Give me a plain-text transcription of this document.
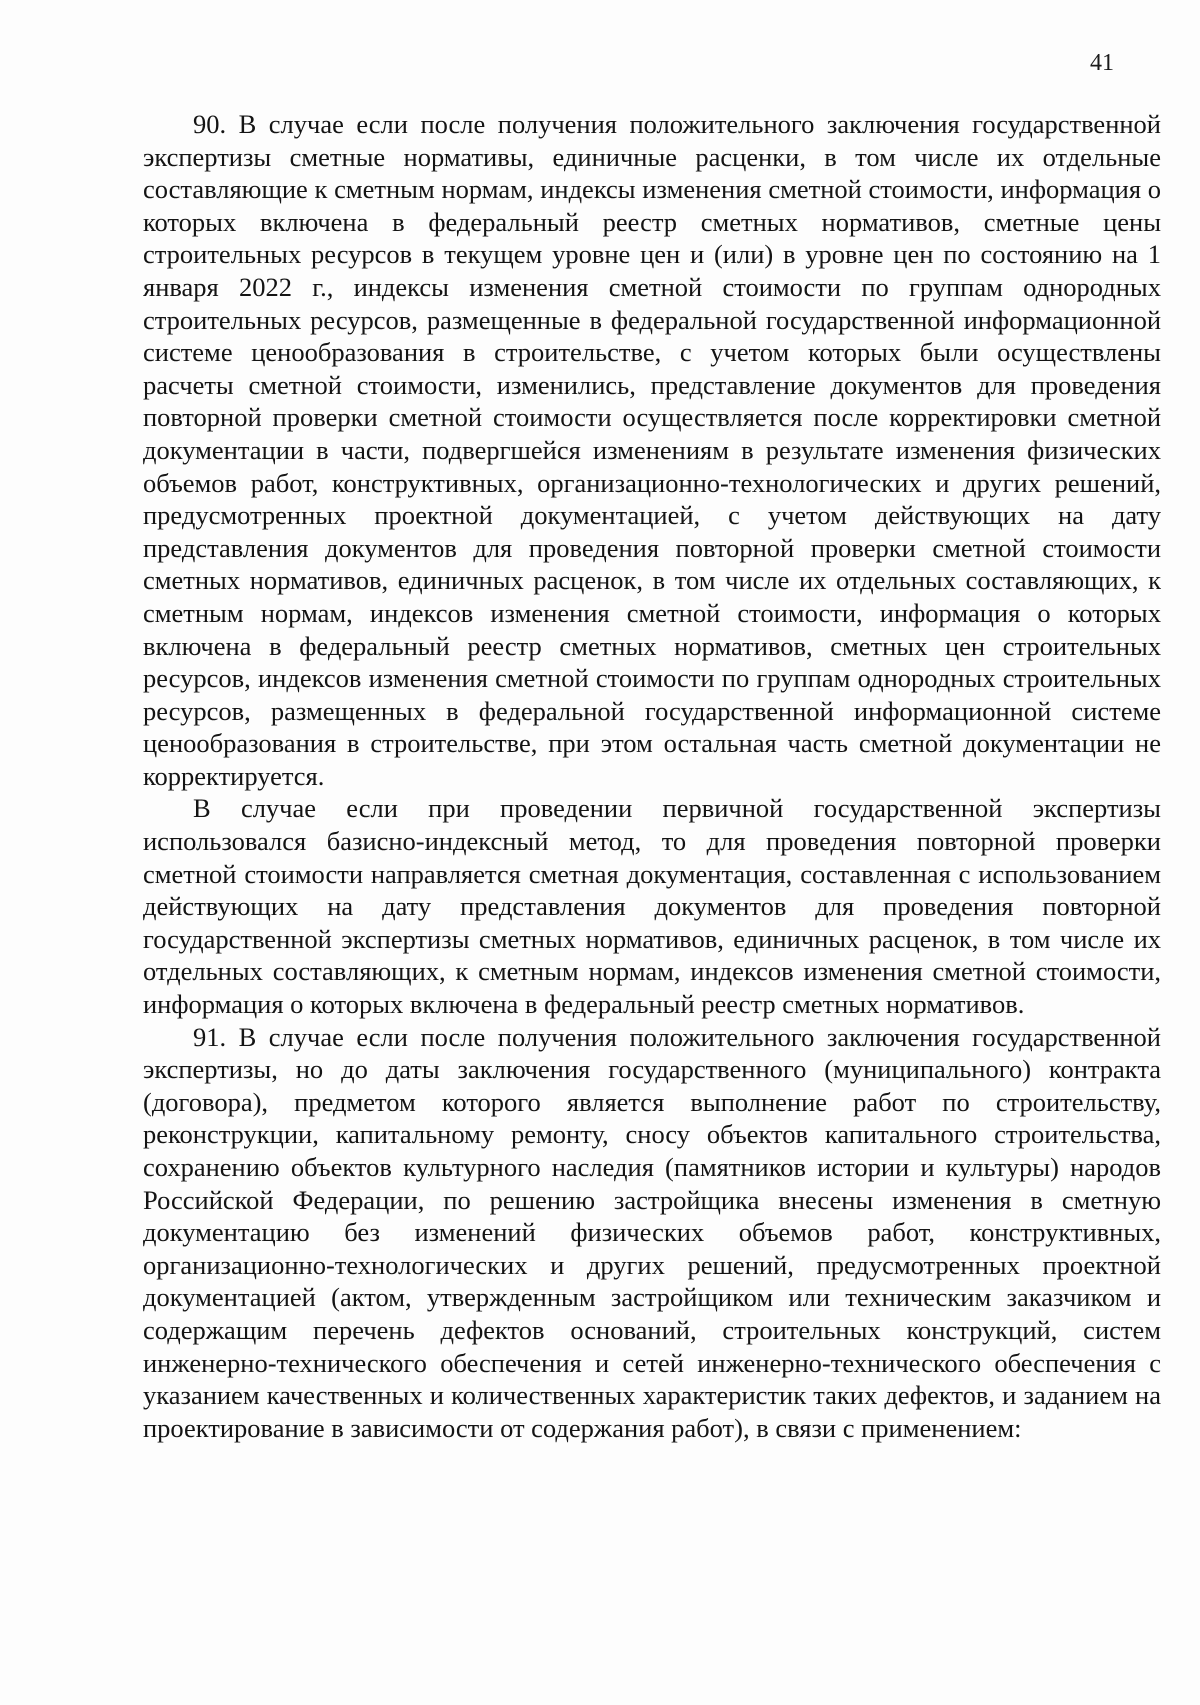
41

90. В случае если после получения положительного заключения государственной экспертизы сметные нормативы, единичные расценки, в том числе их отдельные составляющие к сметным нормам, индексы изменения сметной стоимости, информация о которых включена в федеральный реестр сметных нормативов, сметные цены строительных ресурсов в текущем уровне цен и (или) в уровне цен по состоянию на 1 января 2022 г., индексы изменения сметной стоимости по группам однородных строительных ресурсов, размещенные в федеральной государственной информационной системе ценообразования в строительстве, с учетом которых были осуществлены расчеты сметной стоимости, изменились, представление документов для проведения повторной проверки сметной стоимости осуществляется после корректировки сметной документации в части, подвергшейся изменениям в результате изменения физических объемов работ, конструктивных, организационно-технологических и других решений, предусмотренных проектной документацией, с учетом действующих на дату представления документов для проведения повторной проверки сметной стоимости сметных нормативов, единичных расценок, в том числе их отдельных составляющих, к сметным нормам, индексов изменения сметной стоимости, информация о которых включена в федеральный реестр сметных нормативов, сметных цен строительных ресурсов, индексов изменения сметной стоимости по группам однородных строительных ресурсов, размещенных в федеральной государственной информационной системе ценообразования в строительстве, при этом остальная часть сметной документации не корректируется.

В случае если при проведении первичной государственной экспертизы использовался базисно-индексный метод, то для проведения повторной проверки сметной стоимости направляется сметная документация, составленная с использованием действующих на дату представления документов для проведения повторной государственной экспертизы сметных нормативов, единичных расценок, в том числе их отдельных составляющих, к сметным нормам, индексов изменения сметной стоимости, информация о которых включена в федеральный реестр сметных нормативов.

91. В случае если после получения положительного заключения государственной экспертизы, но до даты заключения государственного (муниципального) контракта (договора), предметом которого является выполнение работ по строительству, реконструкции, капитальному ремонту, сносу объектов капитального строительства, сохранению объектов культурного наследия (памятников истории и культуры) народов Российской Федерации, по решению застройщика внесены изменения в сметную документацию без изменений физических объемов работ, конструктивных, организационно-технологических и других решений, предусмотренных проектной документацией (актом, утвержденным застройщиком или техническим заказчиком и содержащим перечень дефектов оснований, строительных конструкций, систем инженерно-технического обеспечения и сетей инженерно-технического обеспечения с указанием качественных и количественных характеристик таких дефектов, и заданием на проектирование в зависимости от содержания работ), в связи с применением:
